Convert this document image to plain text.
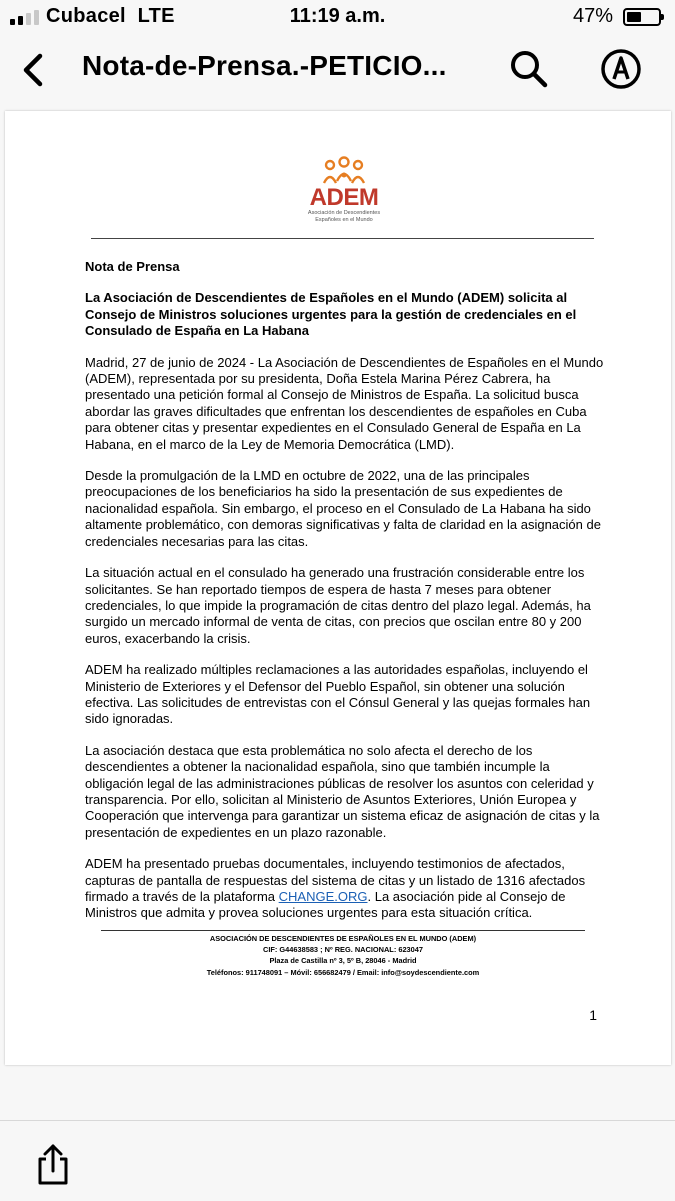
Cubacel LTE	11:19 a.m.	47%
Nota-de-Prensa.-PETICIO...
ADEM
Asociación de Descendientes Españoles en el Mundo

Nota de Prensa

La Asociación de Descendientes de Españoles en el Mundo (ADEM) solicita al Consejo de Ministros soluciones urgentes para la gestión de credenciales en el Consulado de España en La Habana

Madrid, 27 de junio de 2024 - La Asociación de Descendientes de Españoles en el Mundo (ADEM), representada por su presidenta, Doña Estela Marina Pérez Cabrera, ha presentado una petición formal al Consejo de Ministros de España. La solicitud busca abordar las graves dificultades que enfrentan los descendientes de españoles en Cuba para obtener citas y presentar expedientes en el Consulado General de España en La Habana, en el marco de la Ley de Memoria Democrática (LMD).

Desde la promulgación de la LMD en octubre de 2022, una de las principales preocupaciones de los beneficiarios ha sido la presentación de sus expedientes de nacionalidad española. Sin embargo, el proceso en el Consulado de La Habana ha sido altamente problemático, con demoras significativas y falta de claridad en la asignación de credenciales necesarias para las citas.

La situación actual en el consulado ha generado una frustración considerable entre los solicitantes. Se han reportado tiempos de espera de hasta 7 meses para obtener credenciales, lo que impide la programación de citas dentro del plazo legal. Además, ha surgido un mercado informal de venta de citas, con precios que oscilan entre 80 y 200 euros, exacerbando la crisis.

ADEM ha realizado múltiples reclamaciones a las autoridades españolas, incluyendo el Ministerio de Exteriores y el Defensor del Pueblo Español, sin obtener una solución efectiva. Las solicitudes de entrevistas con el Cónsul General y las quejas formales han sido ignoradas.

La asociación destaca que esta problemática no solo afecta el derecho de los descendientes a obtener la nacionalidad española, sino que también incumple la obligación legal de las administraciones públicas de resolver los asuntos con celeridad y transparencia. Por ello, solicitan al Ministerio de Asuntos Exteriores, Unión Europea y Cooperación que intervenga para garantizar un sistema eficaz de asignación de citas y la presentación de expedientes en un plazo razonable.

ADEM ha presentado pruebas documentales, incluyendo testimonios de afectados, capturas de pantalla de respuestas del sistema de citas y un listado de 1316 afectados firmado a través de la plataforma CHANGE.ORG. La asociación pide al Consejo de Ministros que admita y provea soluciones urgentes para esta situación crítica.

ASOCIACIÓN DE DESCENDIENTES DE ESPAÑOLES EN EL MUNDO (ADEM)
CIF: G44638583 ; Nº REG. NACIONAL: 623047
Plaza de Castilla nº 3, 5º B, 28046 - Madrid
Teléfonos: 911748091 – Móvil: 656682479 / Email: info@soydescendiente.com
1
